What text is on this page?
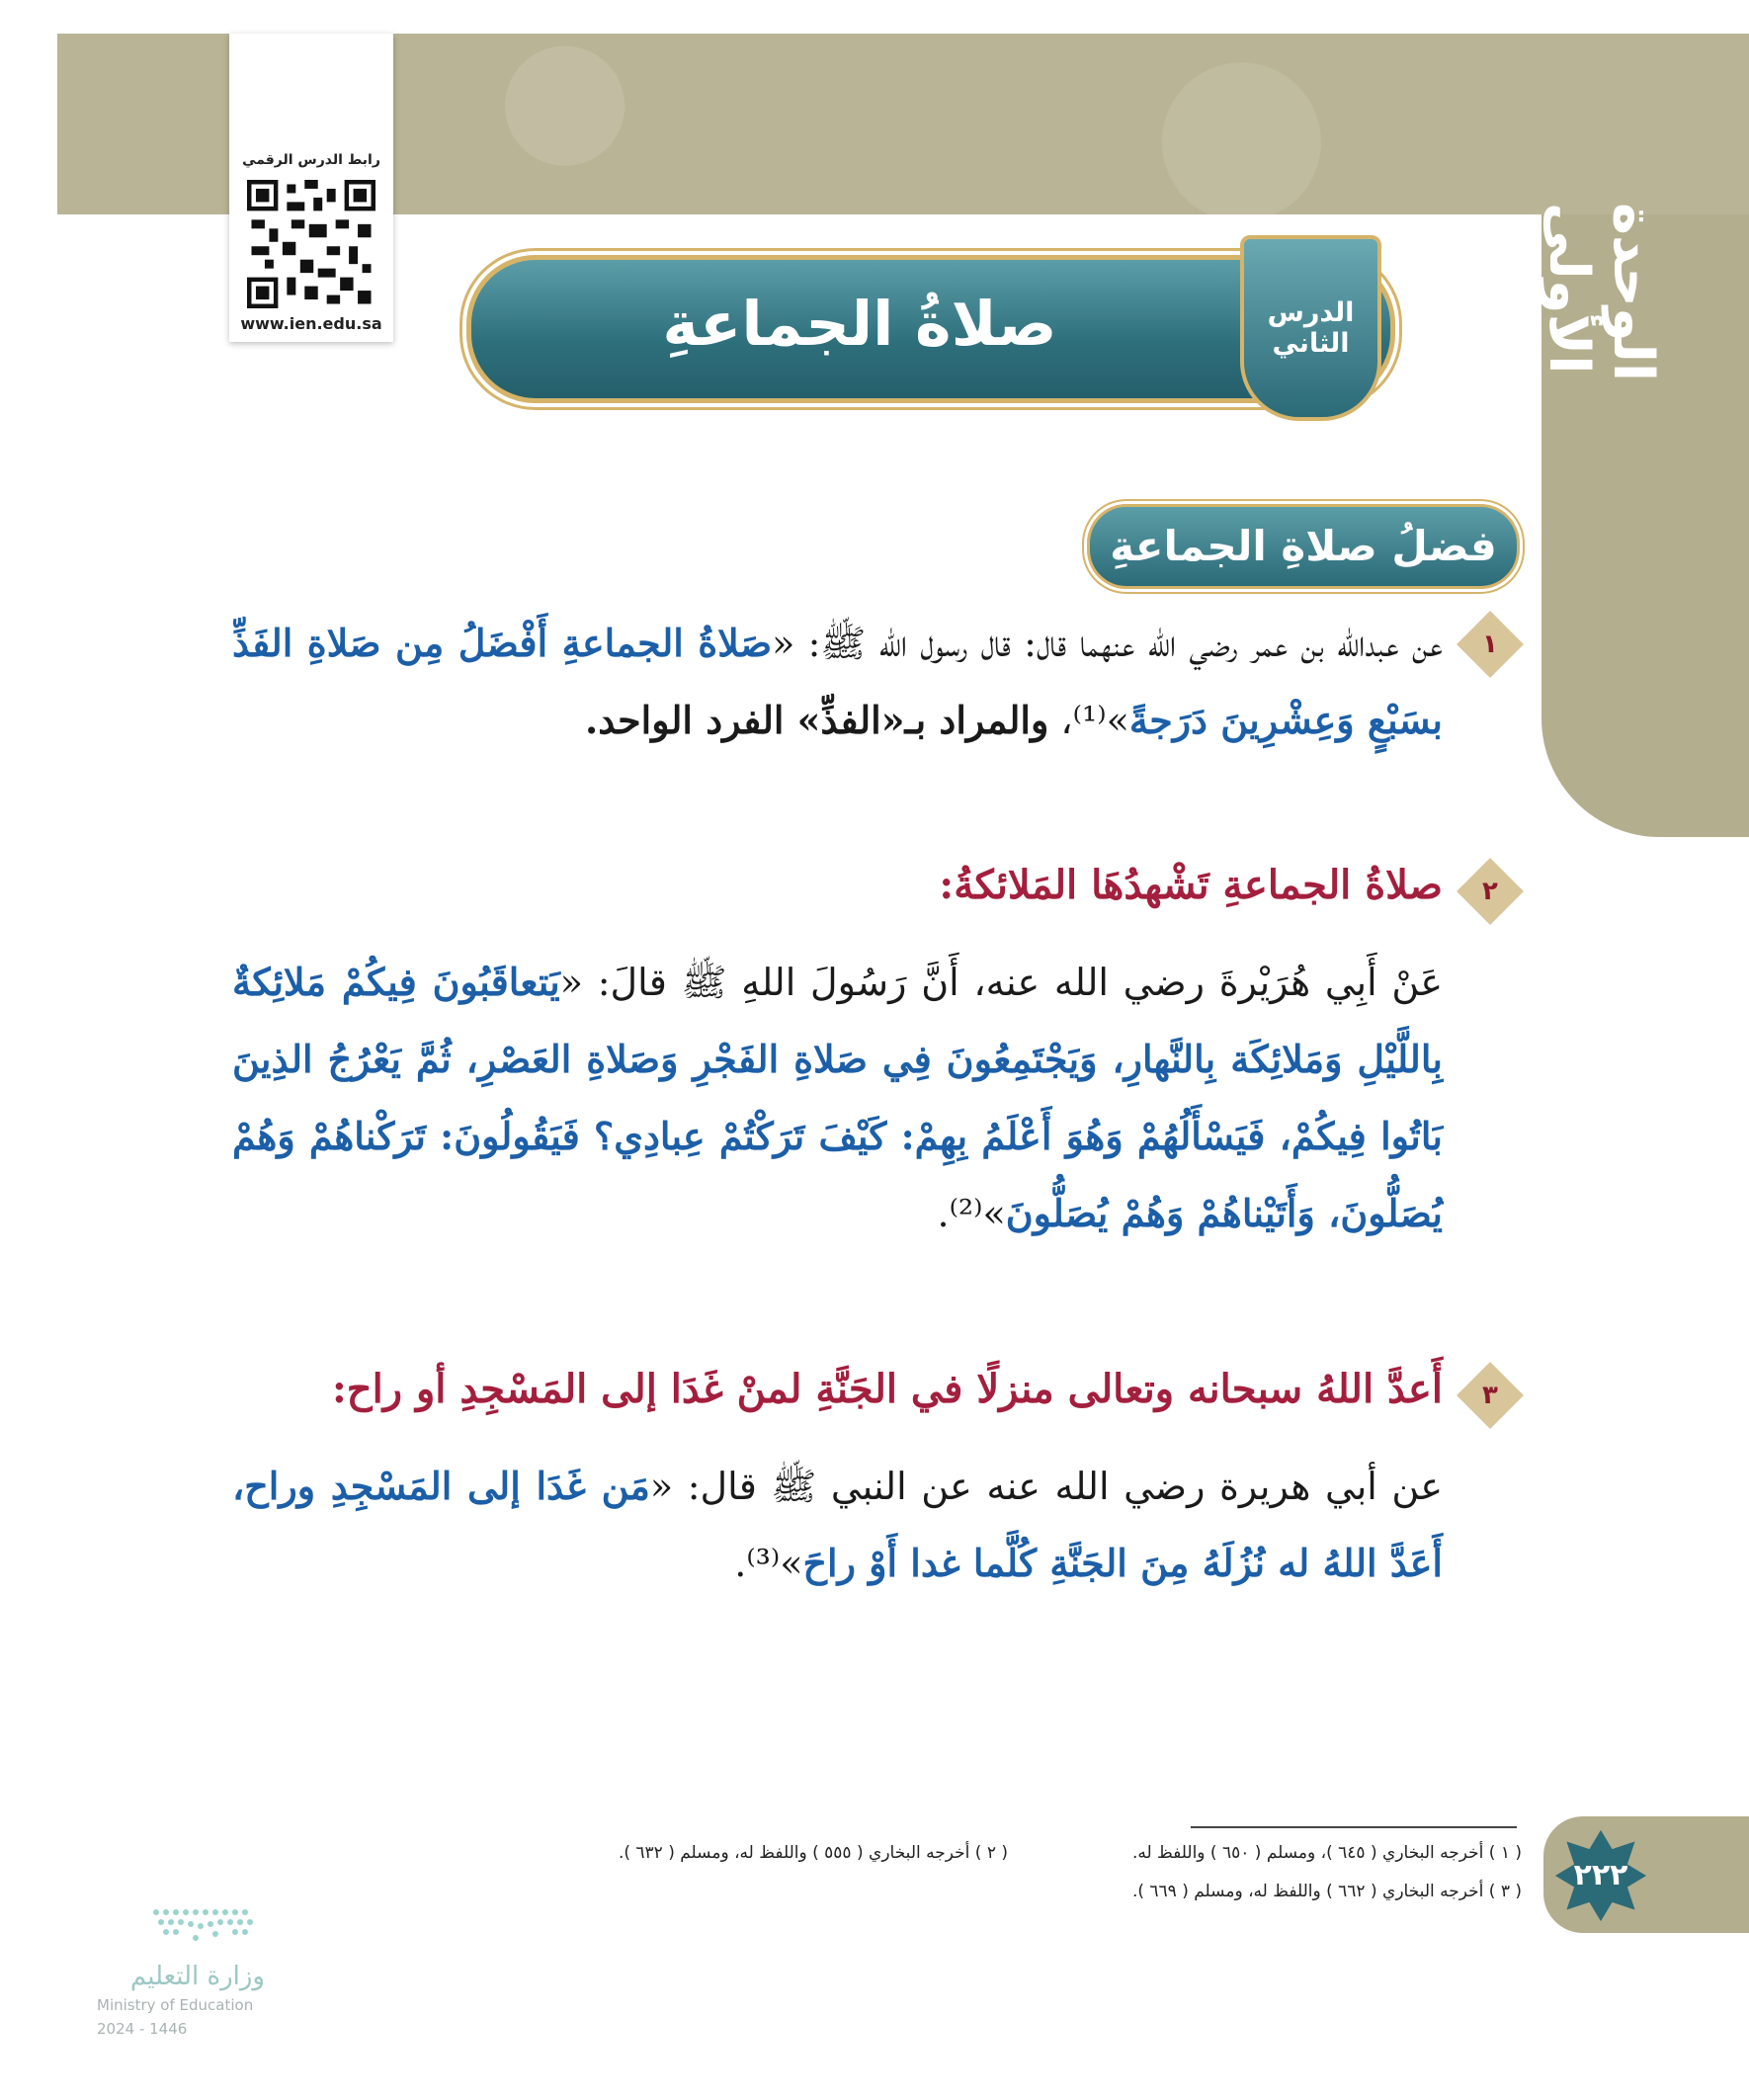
الوحدة الأولى
رابط الدرس الرقمي
www.ien.edu.sa	صلاةُ الجماعةِ	الدرس
الثاني
فضلُ صلاةِ الجماعةِ
١
عن عبدالله بن عمر رضي الله عنهما قال: قال رسول الله ﷺ: «صَلاةُ الجماعةِ أَفْضَلُ مِن صَلاةِ الفَذِّ بسَبْعٍ وَعِشْرِينَ دَرَجةً»⁽¹⁾، والمراد بـ«الفذِّ» الفرد الواحد.
٢
صلاةُ الجماعةِ تَشْهدُهَا المَلائكةُ:
عَنْ أَبِي هُرَيْرةَ رضي الله عنه، أَنَّ رَسُولَ اللهِ ﷺ قالَ: «يَتعاقَبُونَ فِيكُمْ مَلائِكةٌ بِاللَّيْلِ وَمَلائِكَة بِالنَّهارِ، وَيَجْتَمِعُونَ فِي صَلاةِ الفَجْرِ وَصَلاةِ العَصْرِ، ثُمَّ يَعْرُجُ الذِينَ بَاتُوا فِيكُمْ، فَيَسْأَلُهُمْ وَهُوَ أَعْلَمُ بِهِمْ: كَيْفَ تَرَكْتُمْ عِبادِي؟ فَيَقُولُونَ: تَرَكْناهُمْ وَهُمْ يُصَلُّونَ، وَأَتَيْناهُمْ وَهُمْ يُصَلُّونَ»⁽²⁾.
٣
أَعدَّ اللهُ سبحانه وتعالى منزلًا في الجَنَّةِ لمنْ غَدَا إلى المَسْجِدِ أو راح:
عن أبي هريرة رضي الله عنه عن النبي ﷺ قال: «مَن غَدَا إلى المَسْجِدِ وراح، أَعَدَّ اللهُ له نُزُلَهُ مِنَ الجَنَّةِ كُلَّما غدا أَوْ راحَ»⁽³⁾.
( ١ ) أخرجه البخاري ( ٦٤٥ )، ومسلم ( ٦٥٠ ) واللفظ له.
( ٢ ) أخرجه البخاري ( ٥٥٥ ) واللفظ له، ومسلم ( ٦٣٢ ).
( ٣ ) أخرجه البخاري ( ٦٦٢ ) واللفظ له، ومسلم ( ٦٦٩ ).	٢٢٢
وزارة التعليم
Ministry of Education
2024 - 1446
